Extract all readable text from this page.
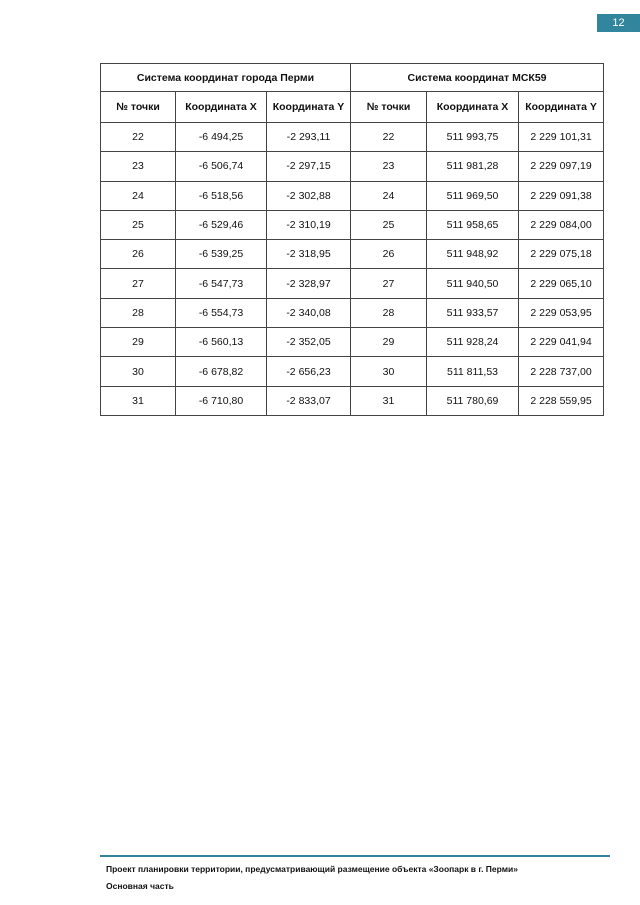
12
Система координат города Перми			Система координат МСК59		
№ точки	Координата X	Координата Y	№ точки	Координата X	Координата Y
22	-6 494,25	-2 293,11	22	511 993,75	2 229 101,31
23	-6 506,74	-2 297,15	23	511 981,28	2 229 097,19
24	-6 518,56	-2 302,88	24	511 969,50	2 229 091,38
25	-6 529,46	-2 310,19	25	511 958,65	2 229 084,00
26	-6 539,25	-2 318,95	26	511 948,92	2 229 075,18
27	-6 547,73	-2 328,97	27	511 940,50	2 229 065,10
28	-6 554,73	-2 340,08	28	511 933,57	2 229 053,95
29	-6 560,13	-2 352,05	29	511 928,24	2 229 041,94
30	-6 678,82	-2 656,23	30	511 811,53	2 228 737,00
31	-6 710,80	-2 833,07	31	511 780,69	2 228 559,95
Проект планировки территории, предусматривающий размещение объекта «Зоопарк в г. Перми»
Основная часть
